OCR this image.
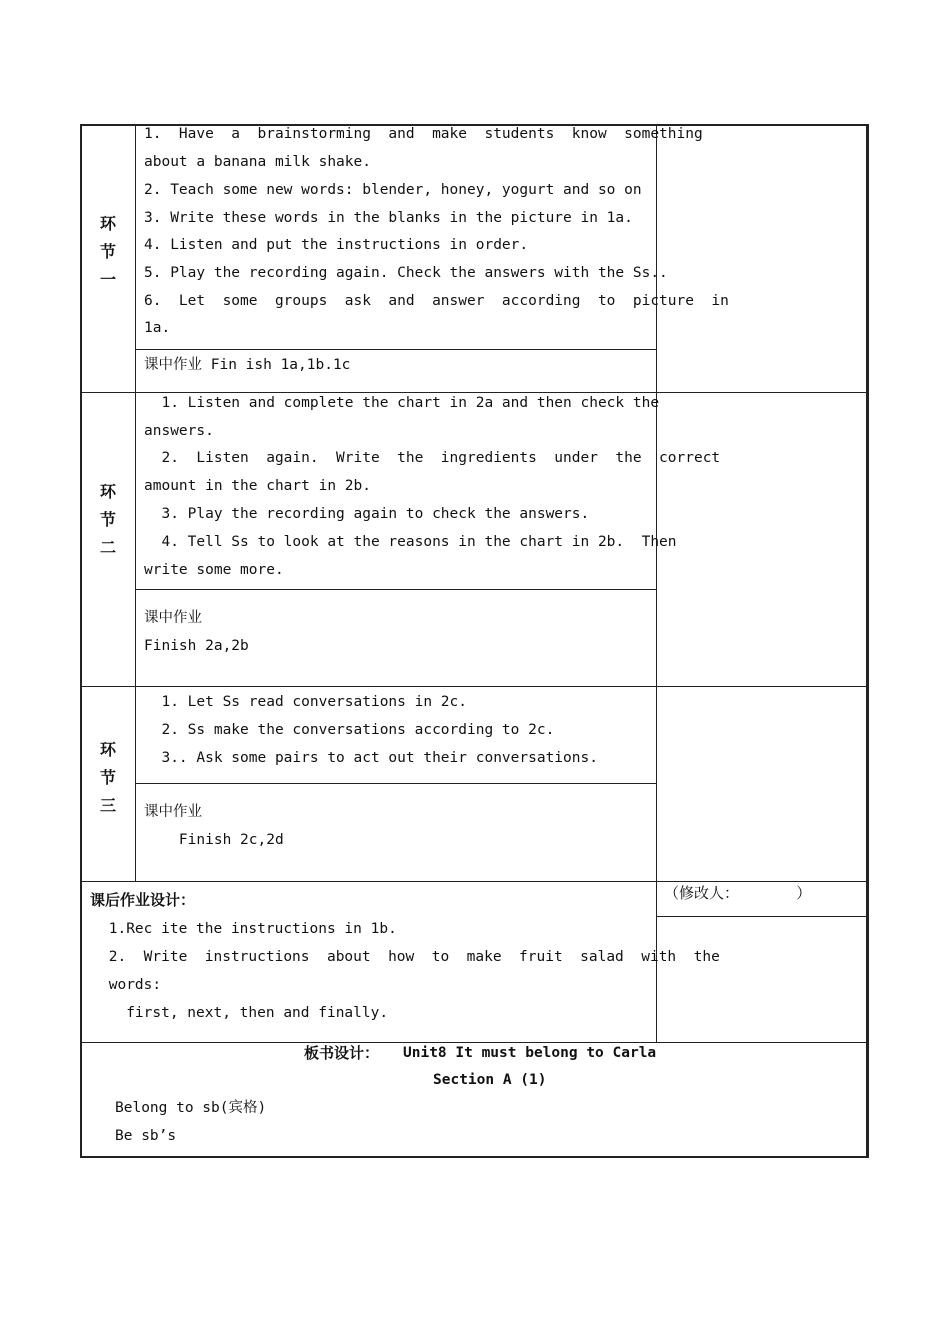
环
节
一
1.  Have  a  brainstorming  and  make  students  know  something
about a banana milk shake.
2. Teach some new words: blender, honey, yogurt and so on
3. Write these words in the blanks in the picture in 1a.
4. Listen and put the instructions in order.
5. Play the recording again. Check the answers with the Ss..
6.  Let  some  groups  ask  and  answer  according  to  picture  in
1a.
课中作业 Fin ish 1a,1b.1c
环
节
二
1. Listen and complete the chart in 2a and then check the
answers.
2.  Listen  again.  Write  the  ingredients  under  the  correct
amount in the chart in 2b.
3. Play the recording again to check the answers.
4. Tell Ss to look at the reasons in the chart in 2b.  Then
write some more.
课中作业
Finish 2a,2b
环
节
三
1. Let Ss read conversations in 2c.
2. Ss make the conversations according to 2c.
3.. Ask some pairs to act out their conversations.
课中作业
Finish 2c,2d
课后作业设计：
1.Rec ite the instructions in 1b.
2.  Write  instructions  about  how  to  make  fruit  salad  with  the
words:
first, next, then and finally.
（修改人：            ）
板书设计： Unit8 It must belong to Carla
Section A (1)
Belong to sb(宾格)
Be sb’s
